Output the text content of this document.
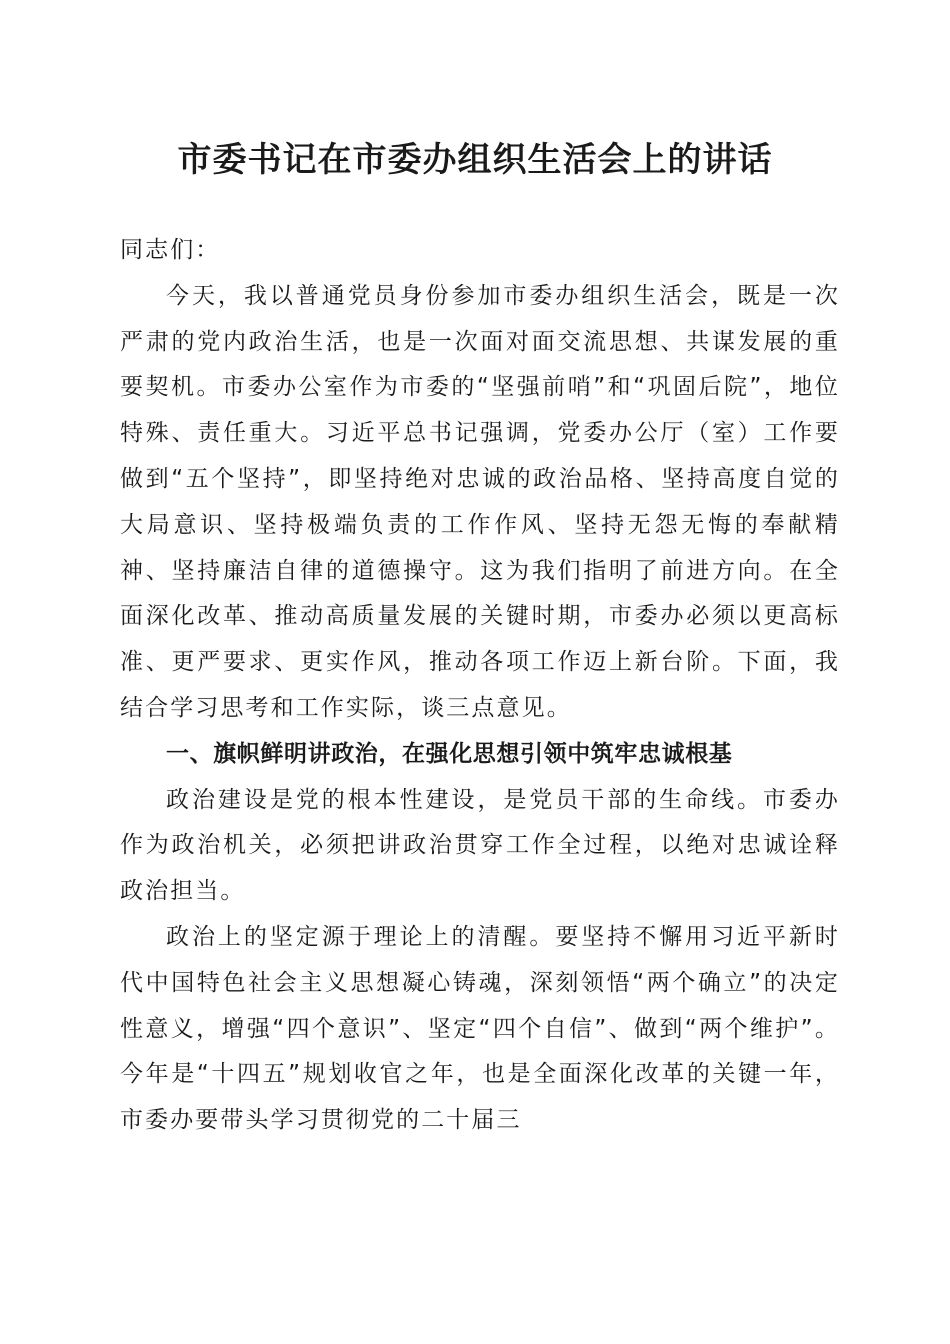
市委书记在市委办组织生活会上的讲话

同志们：

今天，我以普通党员身份参加市委办组织生活会，既是一次严肃的党内政治生活，也是一次面对面交流思想、共谋发展的重要契机。市委办公室作为市委的“坚强前哨”和“巩固后院”，地位特殊、责任重大。习近平总书记强调，党委办公厅（室）工作要做到“五个坚持”，即坚持绝对忠诚的政治品格、坚持高度自觉的大局意识、坚持极端负责的工作作风、坚持无怨无悔的奉献精神、坚持廉洁自律的道德操守。这为我们指明了前进方向。在全面深化改革、推动高质量发展的关键时期，市委办必须以更高标准、更严要求、更实作风，推动各项工作迈上新台阶。下面，我结合学习思考和工作实际，谈三点意见。

一、旗帜鲜明讲政治，在强化思想引领中筑牢忠诚根基

政治建设是党的根本性建设，是党员干部的生命线。市委办作为政治机关，必须把讲政治贯穿工作全过程，以绝对忠诚诠释政治担当。

政治上的坚定源于理论上的清醒。要坚持不懈用习近平新时代中国特色社会主义思想凝心铸魂，深刻领悟“两个确立”的决定性意义，增强“四个意识”、坚定“四个自信”、做到“两个维护”。今年是“十四五”规划收官之年，也是全面深化改革的关键一年，市委办要带头学习贯彻党的二十届三
